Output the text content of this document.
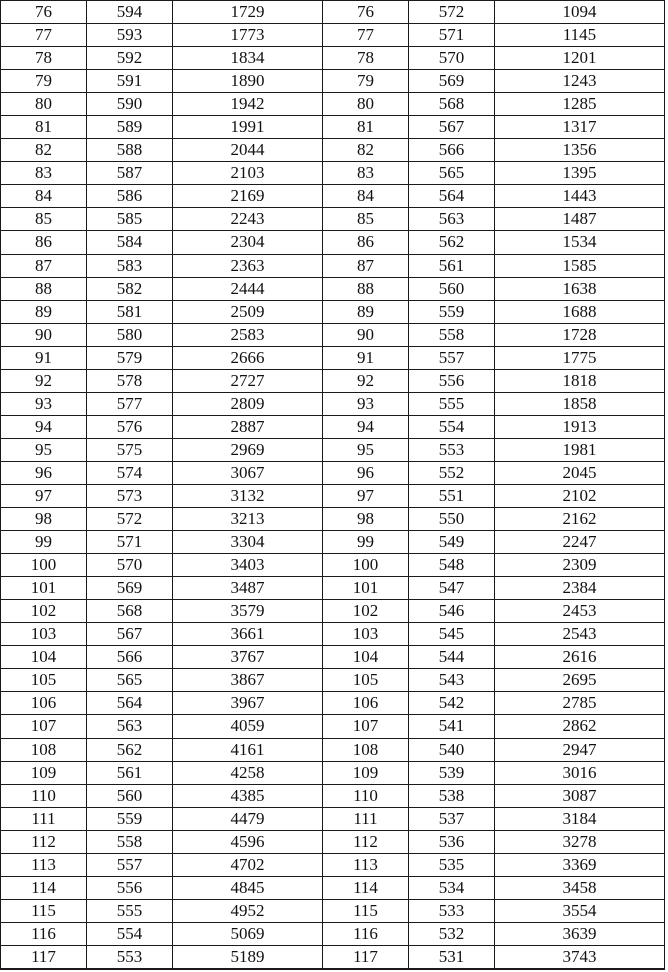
76	594	1729	76	572	1094
77	593	1773	77	571	1145
78	592	1834	78	570	1201
79	591	1890	79	569	1243
80	590	1942	80	568	1285
81	589	1991	81	567	1317
82	588	2044	82	566	1356
83	587	2103	83	565	1395
84	586	2169	84	564	1443
85	585	2243	85	563	1487
86	584	2304	86	562	1534
87	583	2363	87	561	1585
88	582	2444	88	560	1638
89	581	2509	89	559	1688
90	580	2583	90	558	1728
91	579	2666	91	557	1775
92	578	2727	92	556	1818
93	577	2809	93	555	1858
94	576	2887	94	554	1913
95	575	2969	95	553	1981
96	574	3067	96	552	2045
97	573	3132	97	551	2102
98	572	3213	98	550	2162
99	571	3304	99	549	2247
100	570	3403	100	548	2309
101	569	3487	101	547	2384
102	568	3579	102	546	2453
103	567	3661	103	545	2543
104	566	3767	104	544	2616
105	565	3867	105	543	2695
106	564	3967	106	542	2785
107	563	4059	107	541	2862
108	562	4161	108	540	2947
109	561	4258	109	539	3016
110	560	4385	110	538	3087
111	559	4479	111	537	3184
112	558	4596	112	536	3278
113	557	4702	113	535	3369
114	556	4845	114	534	3458
115	555	4952	115	533	3554
116	554	5069	116	532	3639
117	553	5189	117	531	3743
